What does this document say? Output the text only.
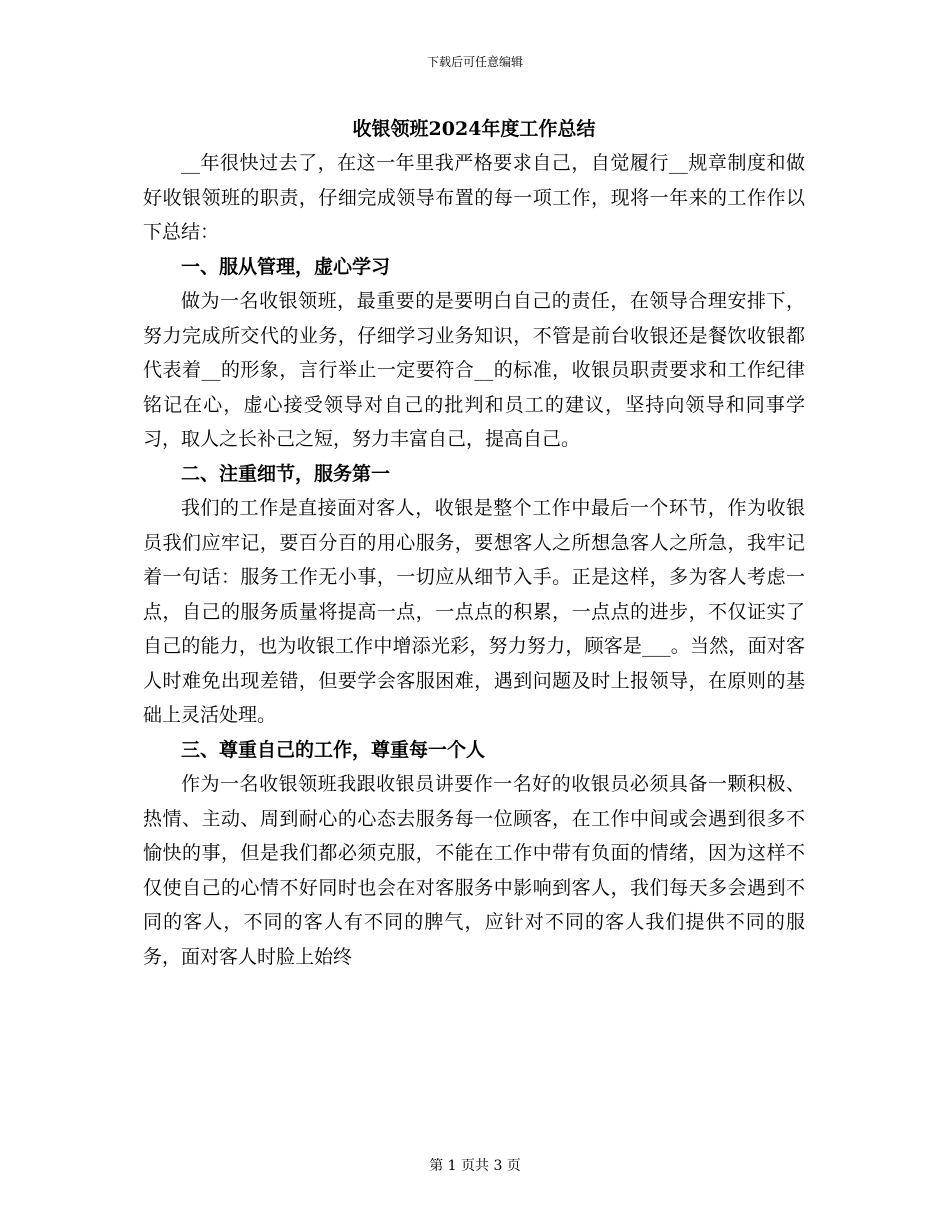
下载后可任意编辑
收银领班2024年度工作总结

__年很快过去了，在这一年里我严格要求自己，自觉履行__规章制度和做好收银领班的职责，仔细完成领导布置的每一项工作，现将一年来的工作作以下总结：

一、服从管理，虚心学习

做为一名收银领班，最重要的是要明白自己的责任，在领导合理安排下，努力完成所交代的业务，仔细学习业务知识，不管是前台收银还是餐饮收银都代表着__的形象，言行举止一定要符合__的标准，收银员职责要求和工作纪律铭记在心，虚心接受领导对自己的批判和员工的建议，坚持向领导和同事学习，取人之长补己之短，努力丰富自己，提高自己。

二、注重细节，服务第一

我们的工作是直接面对客人，收银是整个工作中最后一个环节，作为收银员我们应牢记，要百分百的用心服务，要想客人之所想急客人之所急，我牢记着一句话：服务工作无小事，一切应从细节入手。正是这样，多为客人考虑一点，自己的服务质量将提高一点，一点点的积累，一点点的进步，不仅证实了自己的能力，也为收银工作中增添光彩，努力努力，顾客是___。当然，面对客人时难免出现差错，但要学会客服困难，遇到问题及时上报领导，在原则的基础上灵活处理。

三、尊重自己的工作，尊重每一个人

作为一名收银领班我跟收银员讲要作一名好的收银员必须具备一颗积极、热情、主动、周到耐心的心态去服务每一位顾客，在工作中间或会遇到很多不愉快的事，但是我们都必须克服，不能在工作中带有负面的情绪，因为这样不仅使自己的心情不好同时也会在对客服务中影响到客人，我们每天多会遇到不同的客人，不同的客人有不同的脾气，应针对不同的客人我们提供不同的服务，面对客人时脸上始终

第 1 页共 3 页
